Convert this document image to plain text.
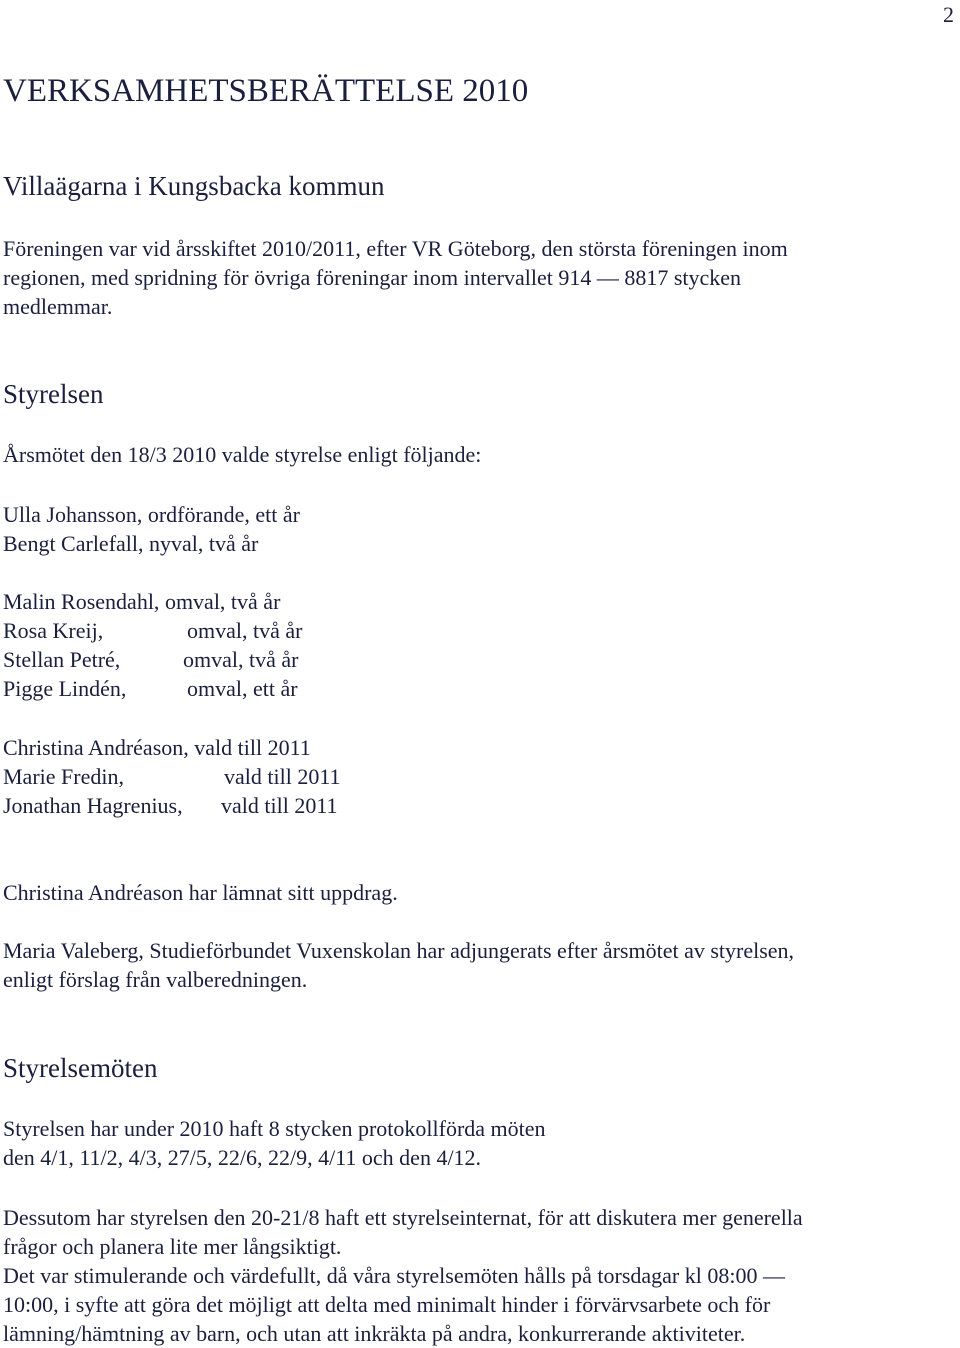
2
VERKSAMHETSBERÄTTELSE 2010
Villaägarna i Kungsbacka kommun
Föreningen var vid årsskiftet 2010/2011, efter VR Göteborg, den största föreningen inom
regionen, med spridning för övriga föreningar inom intervallet 914 — 8817 stycken
medlemmar.
Styrelsen
Årsmötet den 18/3 2010 valde styrelse enligt följande:
Ulla Johansson, ordförande, ett år
Bengt Carlefall, nyval, två år
Malin Rosendahl, omval, två år
Rosa Kreij,	omval, två år
Stellan Petré,	omval, två år
Pigge Lindén,	omval, ett år
Christina Andréason, vald till 2011
Marie Fredin,	vald till 2011
Jonathan Hagrenius, vald till 2011
Christina Andréason har lämnat sitt uppdrag.
Maria Valeberg, Studieförbundet Vuxenskolan har adjungerats efter årsmötet av styrelsen,
enligt förslag från valberedningen.
Styrelsemöten
Styrelsen har under 2010 haft 8 stycken protokollförda möten
den 4/1, 11/2, 4/3, 27/5, 22/6, 22/9, 4/11 och den 4/12.
Dessutom har styrelsen den 20-21/8 haft ett styrelseinternat, för att diskutera mer generella
frågor och planera lite mer långsiktigt.
Det var stimulerande och värdefullt, då våra styrelsemöten hålls på torsdagar kl 08:00 —
10:00, i syfte att göra det möjligt att delta med minimalt hinder i förvärvsarbete och för
lämning/hämtning av barn, och utan att inkräkta på andra, konkurrerande aktiviteter.
